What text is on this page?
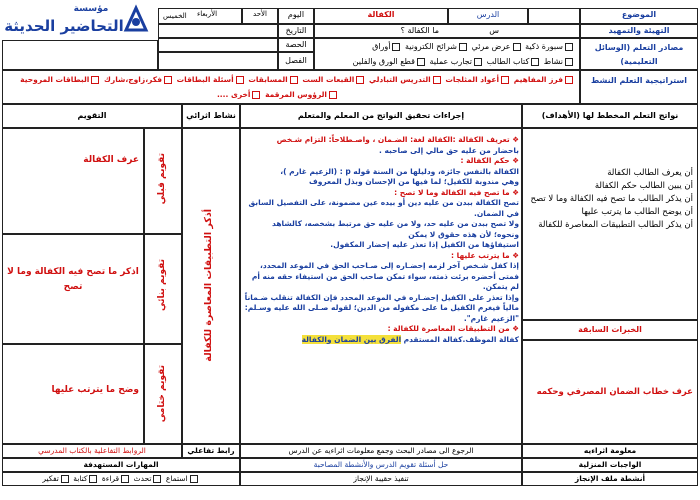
مؤسسة
التحاضير الحديثة
الخميس الأربعاء	الأحد	اليوم	الكفالة	الدرس	الموضوع
التاريخ	س
ما الكفالة ؟	التهيئة والتمهيد
الحصة	سبورة ذكية عرض مرئي شرائح الكترونية أوراق
نشاط كتاب الطالب تجارب عملية قطع الورق والفلين
مصادر التعلم (الوسائل التعليمية)
الفصل
فرز المفاهيم أعواد المثلجات التدريس التبادلي القبعات الست المسابقات أسئلة البطاقات فكر،زاوج،شارك البطاقات المروحية
الرؤوس المرقمة أخرى ....
استراتيجية التعلم النشط
التقويم	نشاط اثرائي	إجراءات تحقيق النواتج من المعلم والمتعلم	نواتج التعلم المخطط لها (الأهداف)
عرف الكفالة تقويم قبلي
اذكر ما تصح فيه الكفالة وما لا تصح	تقويم بنائي
وضح ما يترتب عليها تقويم ختامي
أذكر التطبيقات المعاصرة للكفالة
❖ تعريف الكفالة :الكفالة لغة: الضـمان ، واصـطلاحاً: التزام شـخص
باحضار من عليه حق مالي إلى صاحبه .
❖ حكم الكفالة :
الكفالة بالنفس جائزة، ودليلها من السنة قوله p : (الزعيم غارم )،
وهي مندوبة للكفيل؛ لما فيها من الإحسان وبذل المعروف
❖ ما تصح فيه الكفالة وما لا تصح :
تصح الكفالة ببدن من عليه دين أو بيده عين مضمونة، على التفصيل السابق
في الضمان.
ولا تصح ببدن من عليه حد، ولا من عليه حق مرتبط بشخصه، كالشاهد
ونحوه؛ لأن هذه حقوق لا يمكن
استيفاؤها من الكفيل إذا تعذر عليه إحضار المكفول.
❖ ما يترتب عليها :
إذا كفل شـخص آخر لزمه إحضـاره إلى صـاحب الحق في الموعد المحدد،
فمتى أحضره برئت ذمته، سواء تمكن صاحب الحق من استيفاء حقه منه أم
لم يتمكن.
وإذا تعذر على الكفيل إحضـاره في الموعد المحدد فإن الكفالة تنقلب ضـماناً
مالياً فيغرم الكفيل ما على مكفوله من الدين؛ لقوله صـلى الله عليه وسـلم:
"الزعيم غارم".
❖ من التطبيقات المعاصرة للكفالة :
كفالة الموظف.كفالة المستقدم الفرق بين الضمان والكفالة
أن يعرف الطالب الكفالة
أن يبين الطالب حكم الكفالة
أن يذكر الطالب ما تصح فيه الكفالة وما لا تصح
أن يوضح الطالب ما يترتب عليها
أن يذكر الطالب التطبيقات المعاصرة للكفالة
الخبرات السابقة
عرف خطاب الضمان المصرفي وحكمه
الروابط التفاعلية بالكتاب المدرسي	رابط تفاعلي	الرجوع الى مصادر البحث وجمع معلومات اثراءيه عن الدرس	معلومة اثراءيه
المهارات المستهدفة	حل أسئلة تقويم الدرس والأنشطة المصاحبة	الواجبات المنزلية
استماع تحدث قراءة كتابة تفكير	تنفيذ حقيبة الإنجاز	أنشطة ملف الإنجاز
